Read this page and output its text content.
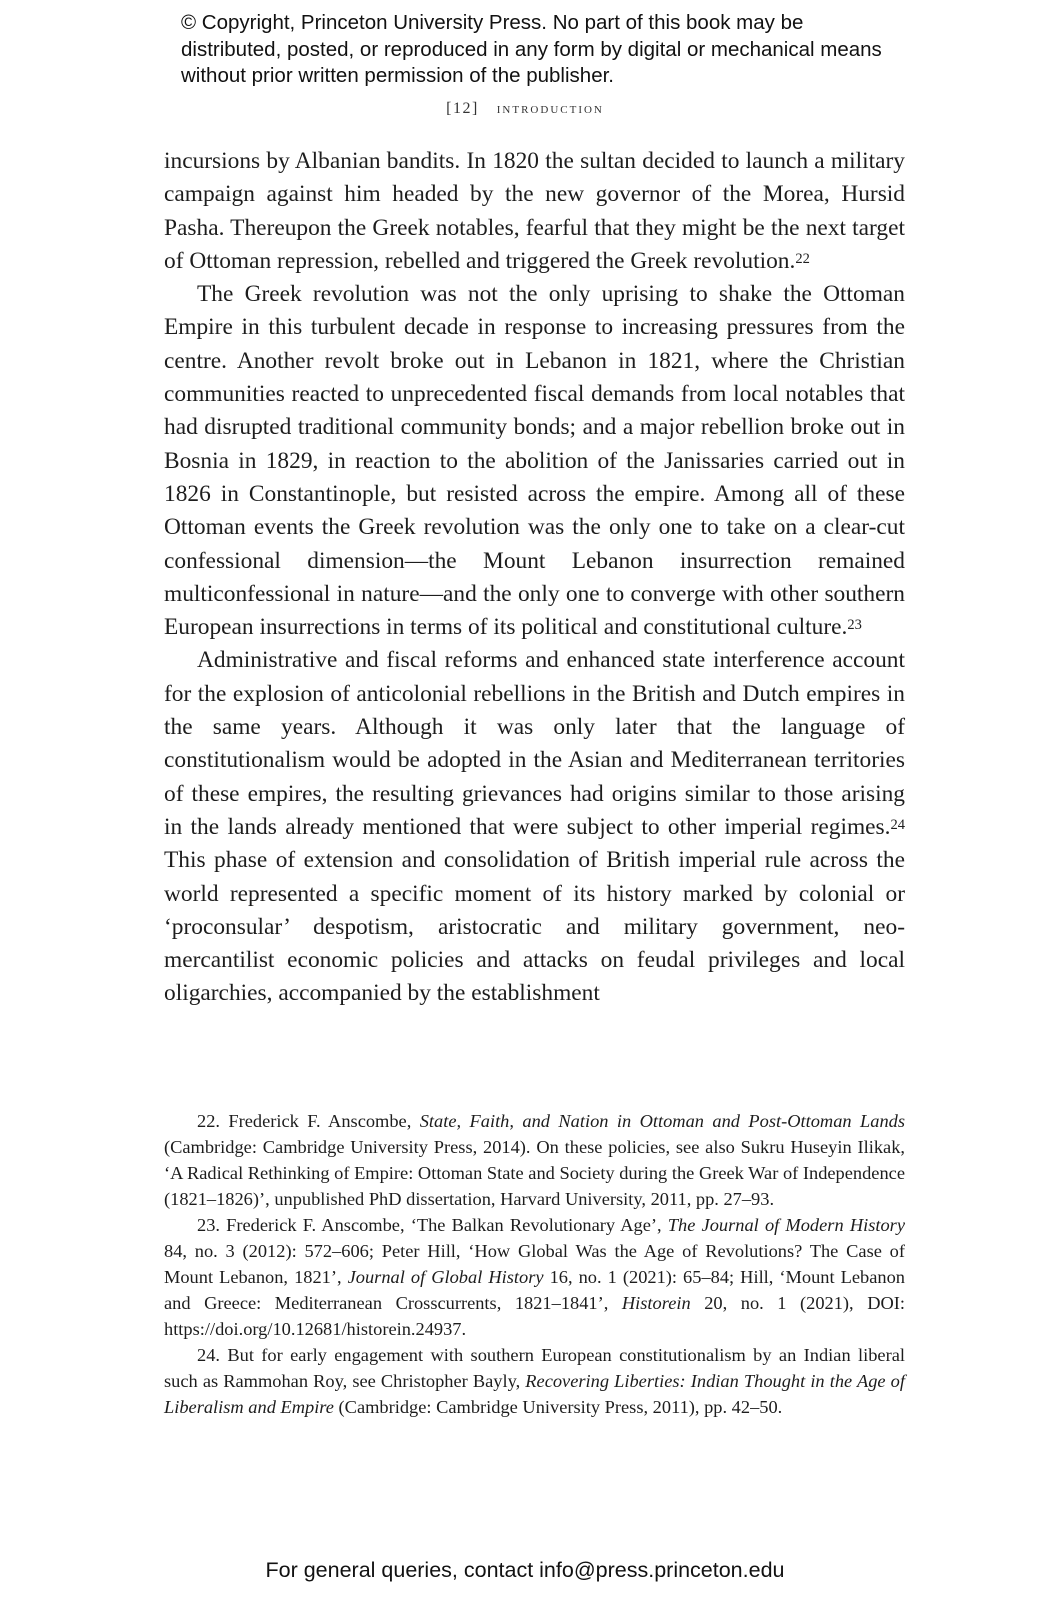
© Copyright, Princeton University Press. No part of this book may be distributed, posted, or reproduced in any form by digital or mechanical means without prior written permission of the publisher.
[12] introduction

incursions by Albanian bandits. In 1820 the sultan decided to launch a military campaign against him headed by the new governor of the Morea, Hursid Pasha. Thereupon the Greek notables, fearful that they might be the next target of Ottoman repression, rebelled and triggered the Greek revolution.$^{22}$

The Greek revolution was not the only uprising to shake the Ottoman Empire in this turbulent decade in response to increasing pressures from the centre. Another revolt broke out in Lebanon in 1821, where the Christian communities reacted to unprecedented fiscal demands from local notables that had disrupted traditional community bonds; and a major rebellion broke out in Bosnia in 1829, in reaction to the abolition of the Janissaries carried out in 1826 in Constantinople, but resisted across the empire. Among all of these Ottoman events the Greek revolution was the only one to take on a clear-cut confessional dimension—the Mount Lebanon insurrection remained multiconfessional in nature—and the only one to converge with other southern European insurrections in terms of its political and constitutional culture.$^{23}$

Administrative and fiscal reforms and enhanced state interference account for the explosion of anticolonial rebellions in the British and Dutch empires in the same years. Although it was only later that the language of constitutionalism would be adopted in the Asian and Mediterranean territories of these empires, the resulting grievances had origins similar to those arising in the lands already mentioned that were subject to other imperial regimes.$^{24}$ This phase of extension and consolidation of British imperial rule across the world represented a specific moment of its history marked by colonial or ‘proconsular’ despotism, aristocratic and military government, neo-mercantilist economic policies and attacks on feudal privileges and local oligarchies, accompanied by the establishment

22. Frederick F. Anscombe, State, Faith, and Nation in Ottoman and Post-Ottoman Lands (Cambridge: Cambridge University Press, 2014). On these policies, see also Sukru Huseyin Ilikak, ‘A Radical Rethinking of Empire: Ottoman State and Society during the Greek War of Independence (1821–1826)’, unpublished PhD dissertation, Harvard University, 2011, pp. 27–93.

23. Frederick F. Anscombe, ‘The Balkan Revolutionary Age’, The Journal of Modern History 84, no. 3 (2012): 572–606; Peter Hill, ‘How Global Was the Age of Revolutions? The Case of Mount Lebanon, 1821’, Journal of Global History 16, no. 1 (2021): 65–84; Hill, ‘Mount Lebanon and Greece: Mediterranean Crosscurrents, 1821–1841’, Historein 20, no. 1 (2021), DOI: https://doi.org/10.12681/historein.24937.

24. But for early engagement with southern European constitutionalism by an Indian liberal such as Rammohan Roy, see Christopher Bayly, Recovering Liberties: Indian Thought in the Age of Liberalism and Empire (Cambridge: Cambridge University Press, 2011), pp. 42–50.

For general queries, contact info@press.princeton.edu
